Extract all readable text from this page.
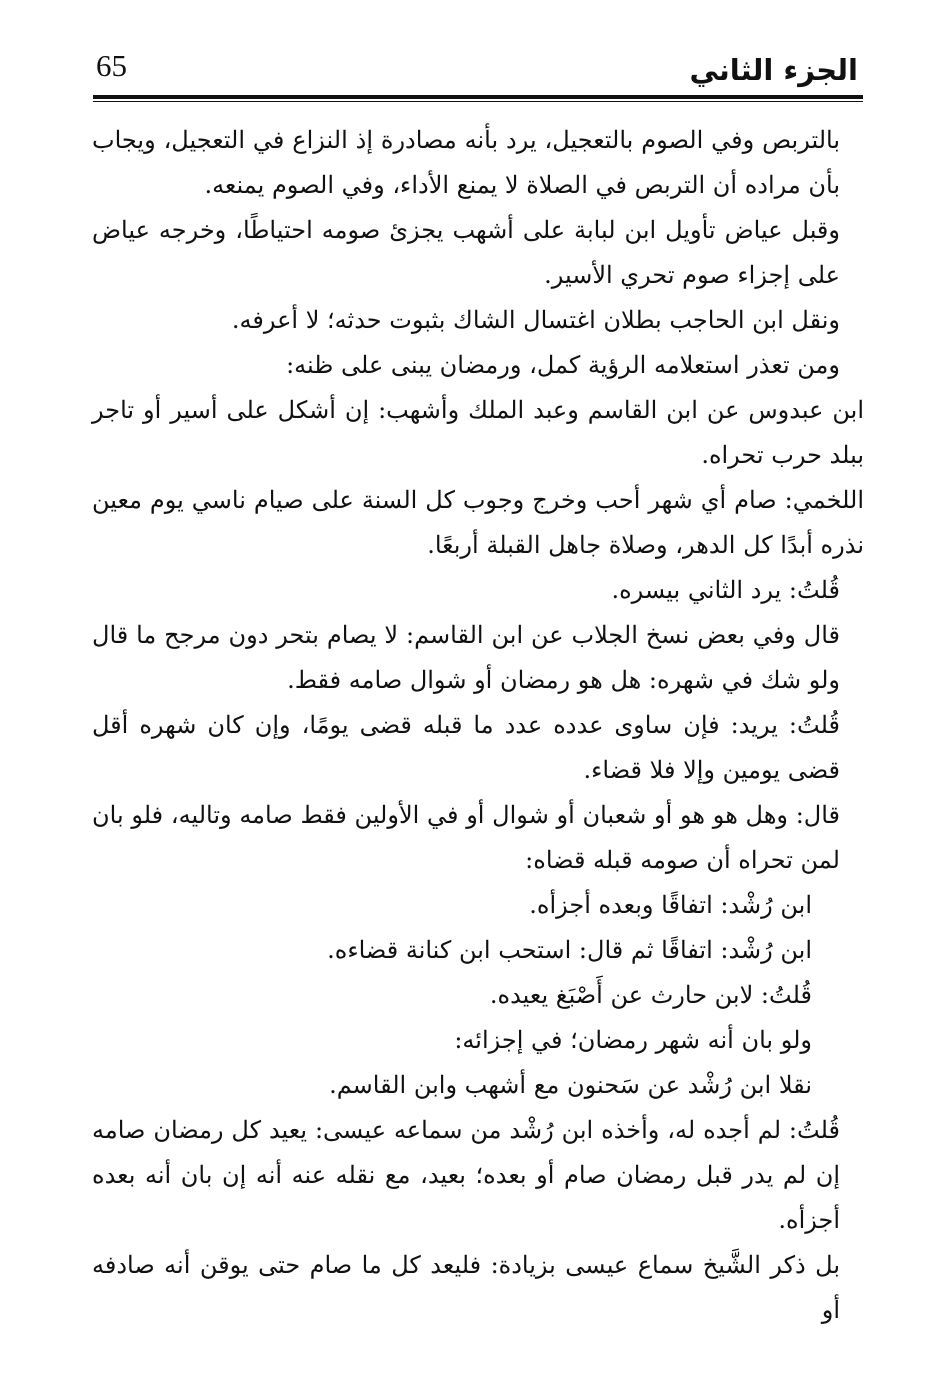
65	الجزء الثاني

بالتربص وفي الصوم بالتعجيل، يرد بأنه مصادرة إذ النزاع في التعجيل، ويجاب بأن مراده أن التربص في الصلاة لا يمنع الأداء، وفي الصوم يمنعه.

وقبل عياض تأويل ابن لبابة على أشهب يجزئ صومه احتياطًا، وخرجه عياض على إجزاء صوم تحري الأسير.

ونقل ابن الحاجب بطلان اغتسال الشاك بثبوت حدثه؛ لا أعرفه.

ومن تعذر استعلامه الرؤية كمل، ورمضان يبنى على ظنه:

ابن عبدوس عن ابن القاسم وعبد الملك وأشهب: إن أشكل على أسير أو تاجر ببلد حرب تحراه.

اللخمي: صام أي شهر أحب وخرج وجوب كل السنة على صيام ناسي يوم معين نذره أبدًا كل الدهر، وصلاة جاهل القبلة أربعًا.

قُلتُ: يرد الثاني بيسره.

قال وفي بعض نسخ الجلاب عن ابن القاسم: لا يصام بتحر دون مرجح ما قال ولو شك في شهره: هل هو رمضان أو شوال صامه فقط.

قُلتُ: يريد: فإن ساوى عدده عدد ما قبله قضى يومًا، وإن كان شهره أقل قضى يومين وإلا فلا قضاء.

قال: وهل هو هو أو شعبان أو شوال أو في الأولين فقط صامه وتاليه، فلو بان لمن تحراه أن صومه قبله قضاه:

ابن رُشْد: اتفاقًا وبعده أجزأه.

ابن رُشْد: اتفاقًا ثم قال: استحب ابن كنانة قضاءه.

قُلتُ: لابن حارث عن أَصْبَغ يعيده.

ولو بان أنه شهر رمضان؛ في إجزائه:

نقلا ابن رُشْد عن سَحنون مع أشهب وابن القاسم.

قُلتُ: لم أجده له، وأخذه ابن رُشْد من سماعه عيسى: يعيد كل رمضان صامه إن لم يدر قبل رمضان صام أو بعده؛ بعيد، مع نقله عنه أنه إن بان أنه بعده أجزأه.

بل ذكر الشَّيخ سماع عيسى بزيادة: فليعد كل ما صام حتى يوقن أنه صادفه أو
